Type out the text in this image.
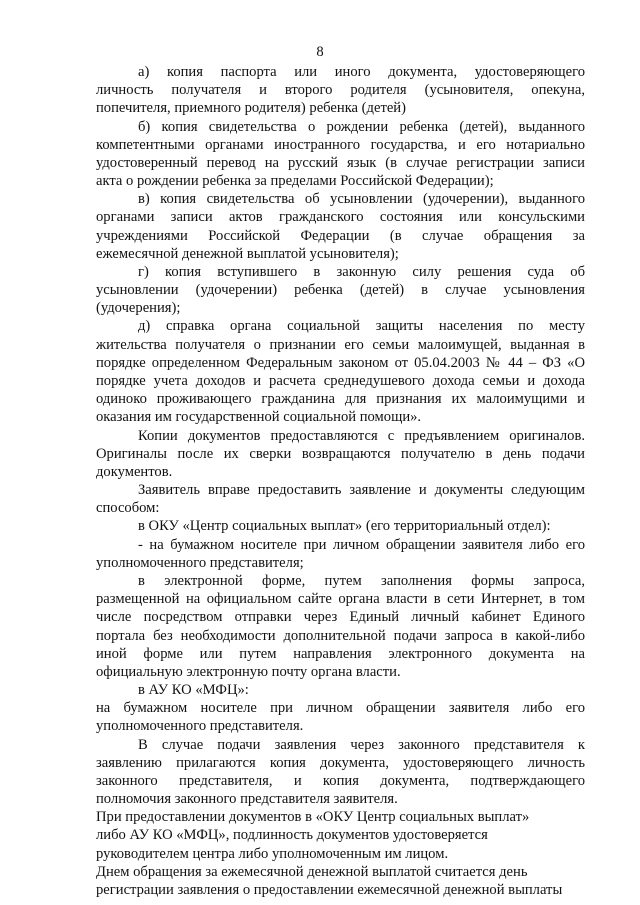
8
а) копия паспорта или иного документа, удостоверяющего
личность получателя и второго родителя (усыновителя, опекуна,
попечителя, приемного родителя) ребенка (детей)
б) копия свидетельства о рождении ребенка (детей), выданного
компетентными органами иностранного государства, и его нотариально
удостоверенный перевод на русский язык (в случае регистрации записи
акта о рождении ребенка за пределами Российской Федерации);
в) копия свидетельства об усыновлении (удочерении), выданного
органами записи актов гражданского состояния или консульскими
учреждениями Российской Федерации (в случае обращения за
ежемесячной денежной выплатой усыновителя);
г) копия вступившего в законную силу решения суда об
усыновлении (удочерении) ребенка (детей) в случае усыновления
(удочерения);
д) справка органа социальной защиты населения по месту
жительства получателя о признании его семьи малоимущей, выданная в
порядке определенном Федеральным законом от 05.04.2003 № 44 – ФЗ «О
порядке учета доходов и расчета среднедушевого дохода семьи и дохода
одиноко проживающего гражданина для признания их малоимущими и
оказания им государственной социальной помощи».
Копии документов предоставляются с предъявлением оригиналов.
Оригиналы после их сверки возвращаются получателю в день подачи
документов.
Заявитель вправе предоставить заявление и документы следующим
способом:
в ОКУ «Центр социальных выплат» (его территориальный отдел):
- на бумажном носителе при личном обращении заявителя либо его
уполномоченного представителя;
в электронной форме, путем заполнения формы запроса,
размещенной на официальном сайте органа власти в сети Интернет, в том
числе посредством отправки через Единый личный кабинет Единого
портала без необходимости дополнительной подачи запроса в какой-либо
иной форме или путем направления электронного документа на
официальную электронную почту органа власти.
в АУ КО «МФЦ»:
на бумажном носителе при личном обращении заявителя либо его
уполномоченного представителя.
В случае подачи заявления через законного представителя к
заявлению прилагаются копия документа, удостоверяющего личность
законного представителя, и копия документа, подтверждающего
полномочия законного представителя заявителя.
При предоставлении документов в «ОКУ Центр социальных выплат»
либо АУ КО «МФЦ», подлинность документов удостоверяется
руководителем центра либо уполномоченным им лицом.
Днем обращения за ежемесячной денежной выплатой считается день
регистрации заявления о предоставлении ежемесячной денежной выплаты
